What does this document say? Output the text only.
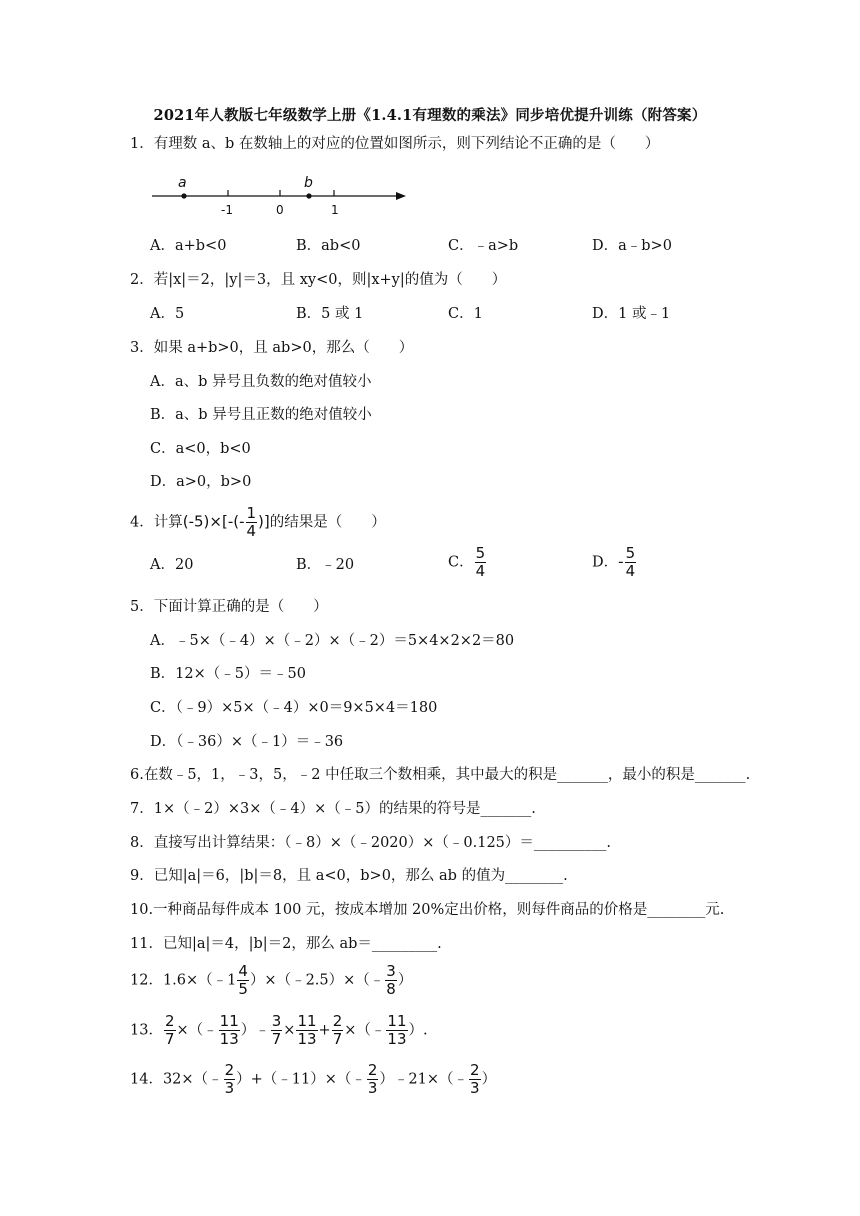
2021年人教版七年级数学上册《1.4.1有理数的乘法》同步培优提升训练（附答案）
1．有理数 a、b 在数轴上的对应的位置如图所示，则下列结论不正确的是（　　）
a	b
-1	0	1
A．a+b<0	B．ab<0	C．﹣a>b	D．a﹣b>0
2．若|x|＝2，|y|＝3，且 xy<0，则|x+y|的值为（　　）
A．5	B．5 或 1	C．1	D．1 或﹣1
3．如果 a+b>0，且 ab>0，那么（　　）
A．a、b 异号且负数的绝对值较小
B．a、b 异号且正数的绝对值较小
C．a<0，b<0
D．a>0，b>0
4．计算$(-5)\times[-(- \frac{1}{4}$ )]的结果是（　　）
A．20	B．﹣20	C． $\frac{5}{4}$	D．- $\frac{5}{4}$
5．下面计算正确的是（　　）
A．﹣5×（﹣4）×（﹣2）×（﹣2）＝5×4×2×2＝80
B．12×（﹣5）＝﹣50
C．（﹣9）×5×（﹣4）×0＝9×5×4＝180
D．（﹣36）×（﹣1）＝﹣36
6.在数﹣5，1，﹣3，5，﹣2 中任取三个数相乘，其中最大的积是_______，最小的积是_______.
7．1×（﹣2）×3×（﹣4）×（﹣5）的结果的符号是_______.
8．直接写出计算结果：（﹣8）×（﹣2020）×（﹣0.125）＝__________.
9．已知|a|＝6，|b|＝8，且 a<0，b>0，那么 ab 的值为________.
10.一种商品每件成本 100 元，按成本增加 20%定出价格，则每件商品的价格是________元.
11．已知|a|＝4，|b|＝2，那么 ab＝_________.
12．1.6×（﹣1 $\frac{4}{5}$ ）×（﹣2.5）×（﹣ $\frac{3}{8}$ ）
13． $\frac{2}{7}$ ×（﹣ $\frac{11}{13}$ ）﹣ $\frac{3}{7} \times \frac{11}{13} + \frac{2}{7}$ ×（﹣ $\frac{11}{13}$ ）.
14．32×（﹣ $\frac{2}{3}$ ）+（﹣11）×（﹣ $\frac{2}{3}$ ）﹣21×（﹣ $\frac{2}{3}$ ）
